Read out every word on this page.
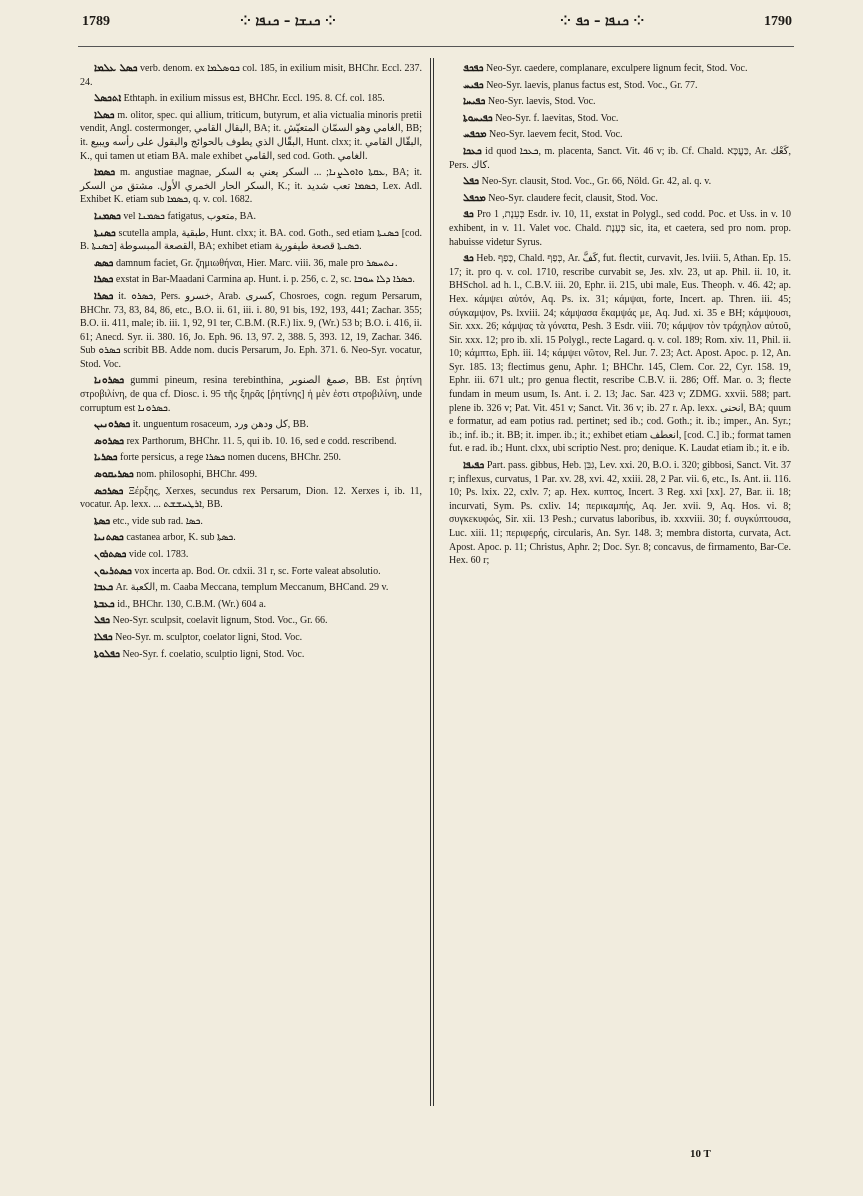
1789	⁘ ܟܢܫܐ – ܟܢܦܐ ⁘	⁘ ܟܢܦܐ – ܟܦ ⁘	1790

ܟܣܠ ܥܠܡܐ verb. denom. ex ܟܘܣܠܡܐ col. 185, in exilium misit, BHChr. Eccl. 237. 24.

ܐܬܟܣܠ Ethtaph. in exilium missus est, BHChr. Eccl. 195. 8. Cf. col. 185.

ܟܣܠܐ m. olitor, spec. qui allium, triticum, butyrum, et alia victualia minoris pretii vendit, Angl. costermonger, البقال القامي, BA; it. الغامي وهو السمّان المتعيّش, BB; it. البقّال الذي يطوف بالحوائج والبقول على رأسه ويبيع, Hunt. clxx; it. البقّال القامي, K., qui tamen ut etiam BA. male exhibet القامي, sed cod. Goth. الغامي.

ܟܣܡܐ m. angustiae magnae, ܥܩܬܐ ܘܐܘܠܨܢܐ; ... السكر يعني به السكر, BA; it. السكر الحار الخمري الأول. مشتق من السكر, K.; it. ܟܣܡܐ تعب شديد, Lex. Adl. Exhibet K. etiam sub ܟܣܡܐ, q. v. col. 1682.

ܟܣܡܢܐ vel ܟܣܡܢܐ fatigatus, متعوب, BA.

ܟܣܢܬܐ scutella ampla, طبقية, Hunt. clxx; it. BA. cod. Goth., sed etiam ܟܣܢܬܐ [cod. B. ܟܣܢܬܐ] القصعة المبسوطة, BA; exhibet etiam ܟܣܢܬܐ قصعة طيفورية.

ܟܣܣ damnum faciet, Gr. ζημιωθήναι, Hier. Marc. viii. 36, male pro ܢܬܚܣܪ.

ܟܣܪܐ exstat in Bar-Maadani Carmina ap. Hunt. i. p. 256, c. 2, sc. ܟܣܪܐ ܕܠܐ ܚܘܒܐ.

ܟܣܪܐ it. ܟܣܪܘ, Pers. خسرو, Arab. كسرى, Chosroes, cogn. regum Persarum, BHChr. 73, 83, 84, 86, etc., B.O. ii. 61, iii. i. 80, 91 bis, 192, 193, 441; Zachar. 355; B.O. ii. 411, male; ib. iii. 1, 92, 91 ter, C.B.M. (R.F.) lix. 9, (Wr.) 53 b; B.O. i. 416, ii. 61; Anecd. Syr. ii. 380. 16, Jo. Eph. 96. 13, 97. 2, 388. 5, 393. 12, 19, Zachar. 346. Sub ܟܣܪܘ scribit BB. Adde nom. ducis Persarum, Jo. Eph. 371. 6. Neo-Syr. vocatur, Stod. Voc.

ܟܣܪܘܢܐ gummi pineum, resina terebinthina, صمغ الصنوبر, BB. Est ῥητίνη στροβιλίνη, de qua cf. Diosc. i. 95 τῆς ξηρᾶς [ῥητίνης] ἡ μὲν ἐστι στροβιλίνη, unde corruptum est ܟܣܪܘܢܐ.

ܟܣܪܘܢܝܢ it. unguentum rosaceum, كل ودهن ورد, BB.

ܟܣܪܘܣ rex Parthorum, BHChr. 11. 5, qui ib. 10. 16, sed e codd. rescribend.

ܟܣܪܝܐ forte persicus, a rege ܟܣܪܐ nomen ducens, BHChr. 250.

ܟܣܪܝܩܘܣ nom. philosophi, BHChr. 499.

ܟܣܪܟܣ Ξέρξης, Xerxes, secundus rex Persarum, Dion. 12. Xerxes i, ib. 11, vocatur. Ap. lexx. ... ܐܪܛܚܫܫܬ, BB.

ܟܣܬܐ etc., vide sub rad. ܟܣܐ.

ܟܣܬܢܝܐ castanea arbor, K. sub ܟܣܬܐ.

ܟܣܬܪܘܢ vide col. 1783.

ܟܣܬܪܝܘܢ vox incerta ap. Bod. Or. cdxii. 31 r, sc. Forte valeat absolutio.

ܟܥܒܐ Ar. الكعبة, m. Caaba Meccana, templum Meccanum, BHCand. 29 v.

ܟܥܒܬܐ id., BHChr. 130, C.B.M. (Wr.) 604 a.

ܟܦܠ Neo-Syr. sculpsit, coelavit lignum, Stod. Voc., Gr. 66.

ܟܦܠܐ Neo-Syr. m. sculptor, coelator ligni, Stod. Voc.

ܟܦܠܘܬܐ Neo-Syr. f. coelatio, sculptio ligni, Stod. Voc.

ܟܦܟܦ Neo-Syr. caedere, complanare, exculpere lignum fecit, Stod. Voc.

ܟܦܝܚ Neo-Syr. laevis, planus factus est, Stod. Voc., Gr. 77.

ܟܦܝܚܐ Neo-Syr. laevis, Stod. Voc.

ܟܦܝܚܘܬܐ Neo-Syr. f. laevitas, Stod. Voc.

ܡܟܦܚ Neo-Syr. laevem fecit, Stod. Voc.

ܟܥܟܐ id quod ܟܥܟܐ, m. placenta, Sanct. Vit. 46 v; ib. Cf. Chald. כַּעֲכָּא, Ar. كَعْك, Pers. كاك.

ܟܦܠ Neo-Syr. clausit, Stod. Voc., Gr. 66, Nöld. Gr. 42, al. q. v.

ܡܟܦܠ Neo-Syr. claudere fecit, clausit, Stod. Voc.

ܟܦ Pro כְּעֵנֶת, 1 Esdr. iv. 10, 11, exstat in Polygl., sed codd. Poc. et Uss. in v. 10 exhibent, in v. 11. Valet voc. Chald. כְּעֶנֶת sic, ita, et caetera, sed pro nom. prop. habuisse videtur Syrus.

ܟܦ Heb. כָּפַף, Chald. כְּפַף, Ar. كَفَّ, fut. flectit, curvavit, Jes. lviii. 5, Athan. Ep. 15. 17; it. pro q. v. col. 1710, rescribe curvabit se, Jes. xlv. 23, ut ap. Phil. ii. 10, it. BHSchol. ad h. l., C.B.V. iii. 20, Ephr. ii. 215, ubi male, Eus. Theoph. v. 46. 42; ap. Hex. κάμψει αὐτόν, Aq. Ps. ix. 31; κάμψαι, forte, Incert. ap. Thren. iii. 45; σύγκαμψον, Ps. lxviii. 24; κάμψασα ἔκαμψάς με, Aq. Jud. xi. 35 e BH; κάμψουσι, Sir. xxx. 26; κάμψας τὰ γόνατα, Pesh. 3 Esdr. viii. 70; κάμψον τὸν τράχηλον αὐτοῦ, Sir. xxx. 12; pro ib. xli. 15 Polygl., recte Lagard. q. v. col. 189; Rom. xiv. 11, Phil. ii. 10; κάμπτω, Eph. iii. 14; κάμψει νῶτον, Rel. Jur. 7. 23; Act. Apost. Apoc. p. 12, An. Syr. 185. 13; flectimus genu, Aphr. 1; BHChr. 145, Clem. Cor. 22, Cyr. 158. 19, Ephr. iii. 671 ult.; pro genua flectit, rescribe C.B.V. ii. 286; Off. Mar. o. 3; flecte fundam in meum usum, Is. Ant. i. 2. 13; Jac. Sar. 423 v; ZDMG. xxvii. 588; part. plene ib. 326 v; Pat. Vit. 451 v; Sanct. Vit. 36 v; ib. 27 r. Ap. lexx. انحنى, BA; quum e formatur, ad eam potius rad. pertinet; sed ib.; cod. Goth.; it. ib.; imper., An. Syr.; ib.; inf. ib.; it. BB; it. imper. ib.; it.; exhibet etiam انعطف, [cod. C.] ib.; format tamen fut. e rad. ib.; Hunt. clxx, ubi scriptio Nest. pro; denique. K. Laudat etiam ib.; it. e ib.

ܟܦܝܦܐ Part. pass. gibbus, Heb. גִּבֵּן, Lev. xxi. 20, B.O. i. 320; gibbosi, Sanct. Vit. 37 r; inflexus, curvatus, 1 Par. xv. 28, xvi. 42, xxiii. 28, 2 Par. vii. 6, etc., Is. Ant. ii. 116. 10; Ps. lxix. 22, cxlv. 7; ap. Hex. κυπτος, Incert. 3 Reg. xxi [xx]. 27, Bar. ii. 18; incurvati, Sym. Ps. cxliv. 14; περικαμπής, Aq. Jer. xvii. 9, Aq. Hos. vi. 8; συγκεκυφώς, Sir. xii. 13 Pesh.; curvatus laboribus, ib. xxxviii. 30; f. συγκύπτουσα, Luc. xiii. 11; περιφερής, circularis, An. Syr. 148. 3; membra distorta, curvata, Act. Apost. Apoc. p. 11; Christus, Aphr. 2; Doc. Syr. 8; concavus, de firmamento, Bar-Ce. Hex. 60 r;

10 T
